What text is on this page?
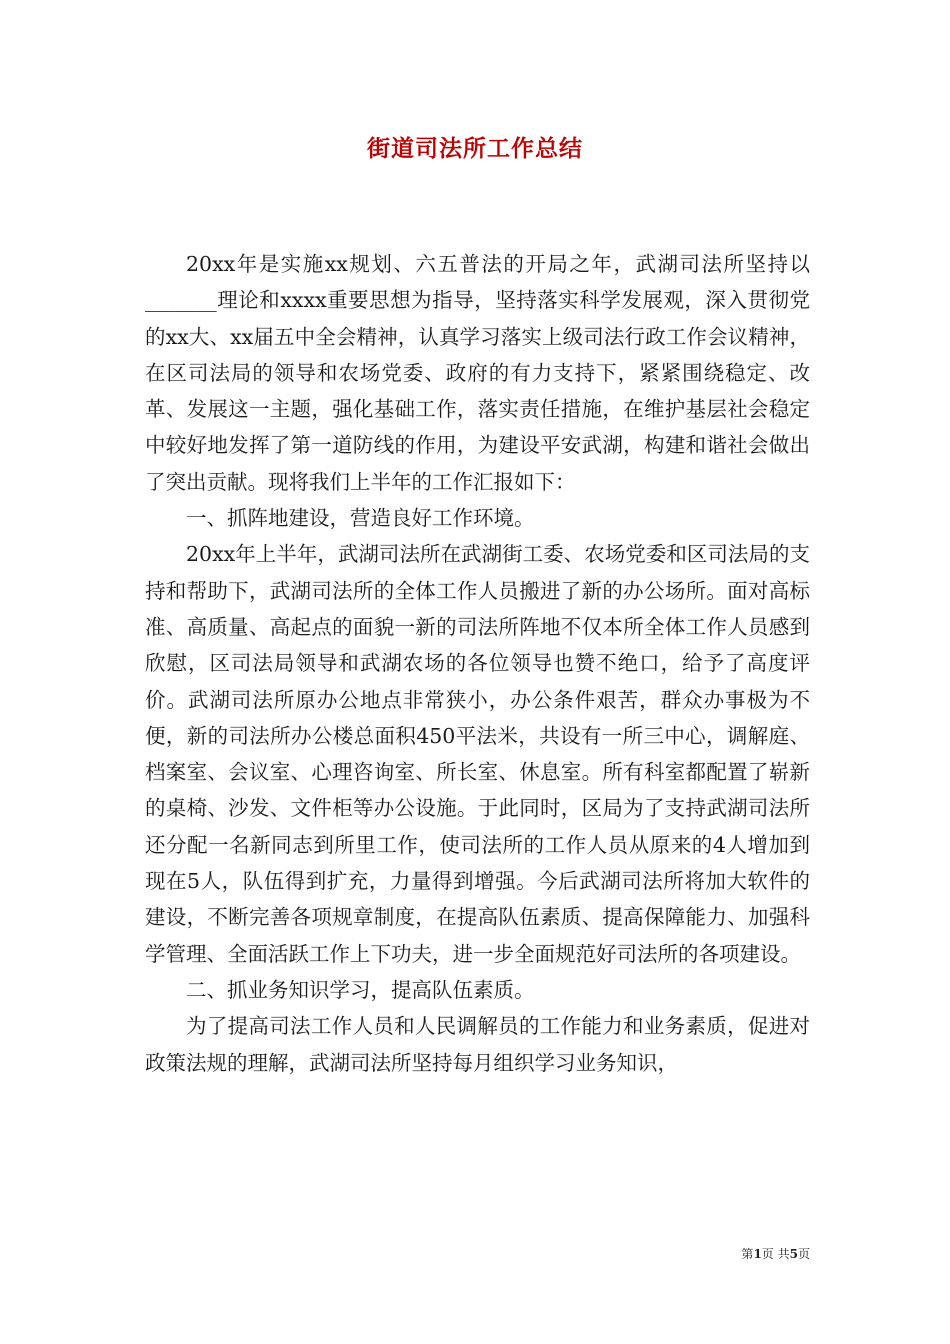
街道司法所工作总结

20xx年是实施xx规划、六五普法的开局之年，武湖司法所坚持以_______理论和xxxx重要思想为指导，坚持落实科学发展观，深入贯彻党的xx大、xx届五中全会精神，认真学习落实上级司法行政工作会议精神，在区司法局的领导和农场党委、政府的有力支持下，紧紧围绕稳定、改革、发展这一主题，强化基础工作，落实责任措施，在维护基层社会稳定中较好地发挥了第一道防线的作用，为建设平安武湖，构建和谐社会做出了突出贡献。现将我们上半年的工作汇报如下：

一、抓阵地建设，营造良好工作环境。

20xx年上半年，武湖司法所在武湖街工委、农场党委和区司法局的支持和帮助下，武湖司法所的全体工作人员搬进了新的办公场所。面对高标准、高质量、高起点的面貌一新的司法所阵地不仅本所全体工作人员感到欣慰，区司法局领导和武湖农场的各位领导也赞不绝口，给予了高度评价。武湖司法所原办公地点非常狭小，办公条件艰苦，群众办事极为不便，新的司法所办公楼总面积450平法米，共设有一所三中心，调解庭、档案室、会议室、心理咨询室、所长室、休息室。所有科室都配置了崭新的桌椅、沙发、文件柜等办公设施。于此同时，区局为了支持武湖司法所还分配一名新同志到所里工作，使司法所的工作人员从原来的4人增加到现在5人，队伍得到扩充，力量得到增强。今后武湖司法所将加大软件的建设，不断完善各项规章制度，在提高队伍素质、提高保障能力、加强科学管理、全面活跃工作上下功夫，进一步全面规范好司法所的各项建设。

二、抓业务知识学习，提高队伍素质。

为了提高司法工作人员和人民调解员的工作能力和业务素质，促进对政策法规的理解，武湖司法所坚持每月组织学习业务知识，

第1页 共5页
